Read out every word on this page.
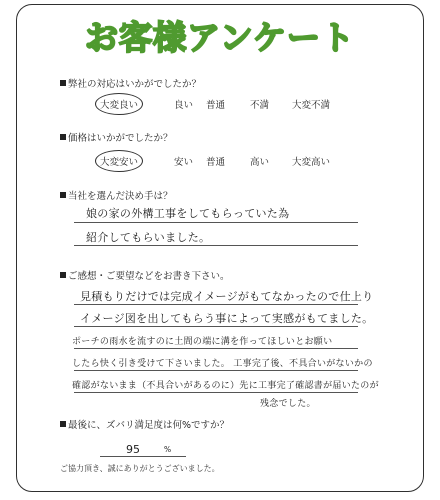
お客様アンケート
弊社の対応はいかがでしたか？
大変良い	良い 普通	不満 大変不満
価格はいかがでしたか？
大変安い	安い 普通	高い 大変高い
当社を選んだ決め手は？
娘の家の外構工事をしてもらっていた為
紹介してもらいました。
ご感想・ご要望などをお書き下さい。
見積もりだけでは完成イメージがもてなかったので仕上り
イメージ図を出してもらう事によって実感がもてました。
ポーチの雨水を流すのに土間の端に溝を作ってほしいとお願い
したら快く引き受けて下さいました。 工事完了後、不具合いがないかの
確認がないまま（不具合いがあるのに）先に工事完了確認書が届いたのが
残念でした。
最後に、ズバリ満足度は何%ですか？
95	%
ご協力頂き、誠にありがとうございました。
